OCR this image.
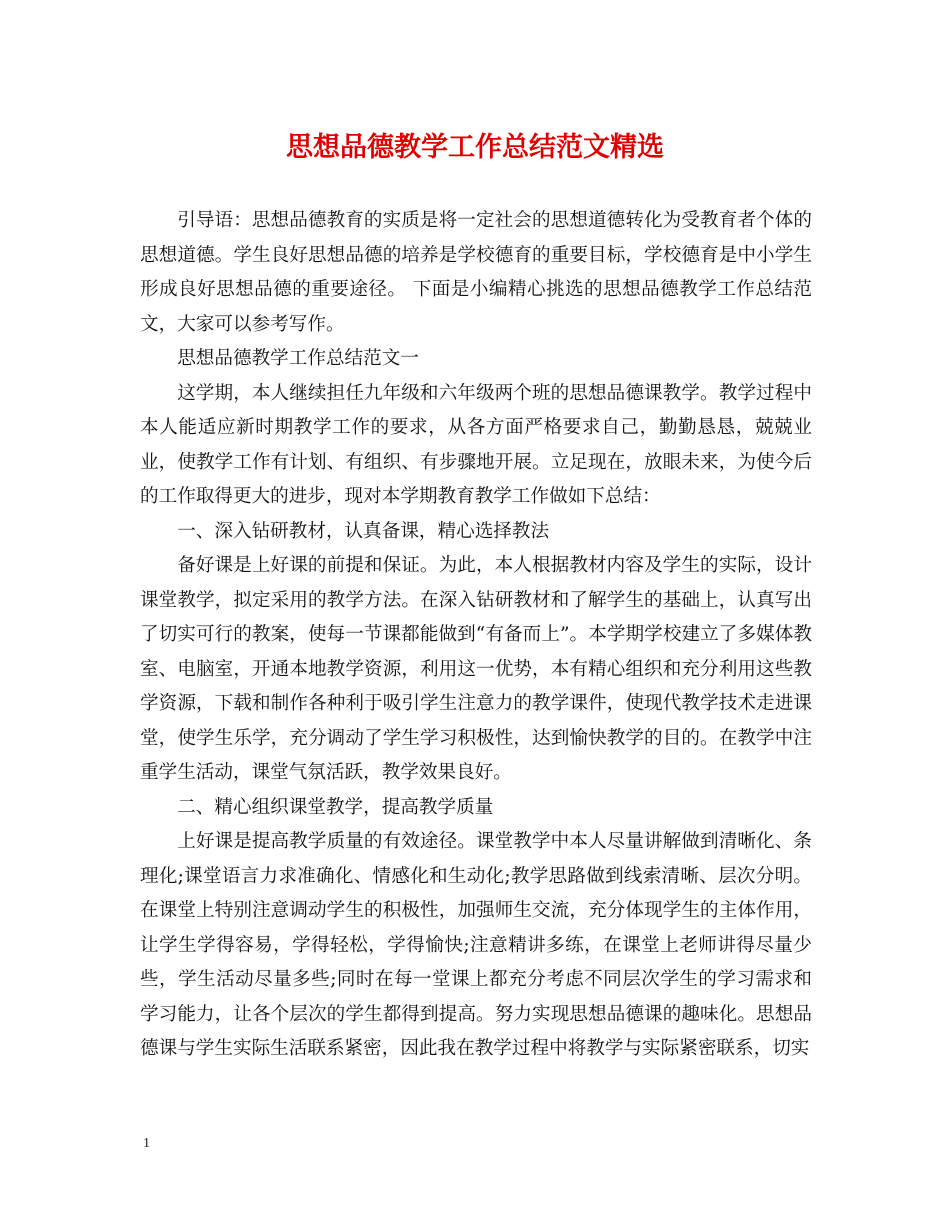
思想品德教学工作总结范文精选

引导语：思想品德教育的实质是将一定社会的思想道德转化为受教育者个体的思想道德。学生良好思想品德的培养是学校德育的重要目标，学校德育是中小学生形成良好思想品德的重要途径。 下面是小编精心挑选的思想品德教学工作总结范文，大家可以参考写作。

思想品德教学工作总结范文一

这学期，本人继续担任九年级和六年级两个班的思想品德课教学。教学过程中本人能适应新时期教学工作的要求，从各方面严格要求自己，勤勤恳恳，兢兢业业，使教学工作有计划、有组织、有步骤地开展。立足现在，放眼未来，为使今后的工作取得更大的进步，现对本学期教育教学工作做如下总结：

一、深入钻研教材，认真备课，精心选择教法

备好课是上好课的前提和保证。为此，本人根据教材内容及学生的实际，设计课堂教学，拟定采用的教学方法。在深入钻研教材和了解学生的基础上，认真写出了切实可行的教案，使每一节课都能做到“有备而上”。本学期学校建立了多媒体教室、电脑室，开通本地教学资源，利用这一优势，本有精心组织和充分利用这些教学资源，下载和制作各种利于吸引学生注意力的教学课件，使现代教学技术走进课堂，使学生乐学，充分调动了学生学习积极性，达到愉快教学的目的。在教学中注重学生活动，课堂气氛活跃，教学效果良好。

二、精心组织课堂教学，提高教学质量

上好课是提高教学质量的有效途径。课堂教学中本人尽量讲解做到清晰化、条理化;课堂语言力求准确化、情感化和生动化;教学思路做到线索清晰、层次分明。在课堂上特别注意调动学生的积极性，加强师生交流，充分体现学生的主体作用，让学生学得容易，学得轻松，学得愉快;注意精讲多练，在课堂上老师讲得尽量少些，学生活动尽量多些;同时在每一堂课上都充分考虑不同层次学生的学习需求和学习能力，让各个层次的学生都得到提高。努力实现思想品德课的趣味化。思想品德课与学生实际生活联系紧密，因此我在教学过程中将教学与实际紧密联系，切实

1
